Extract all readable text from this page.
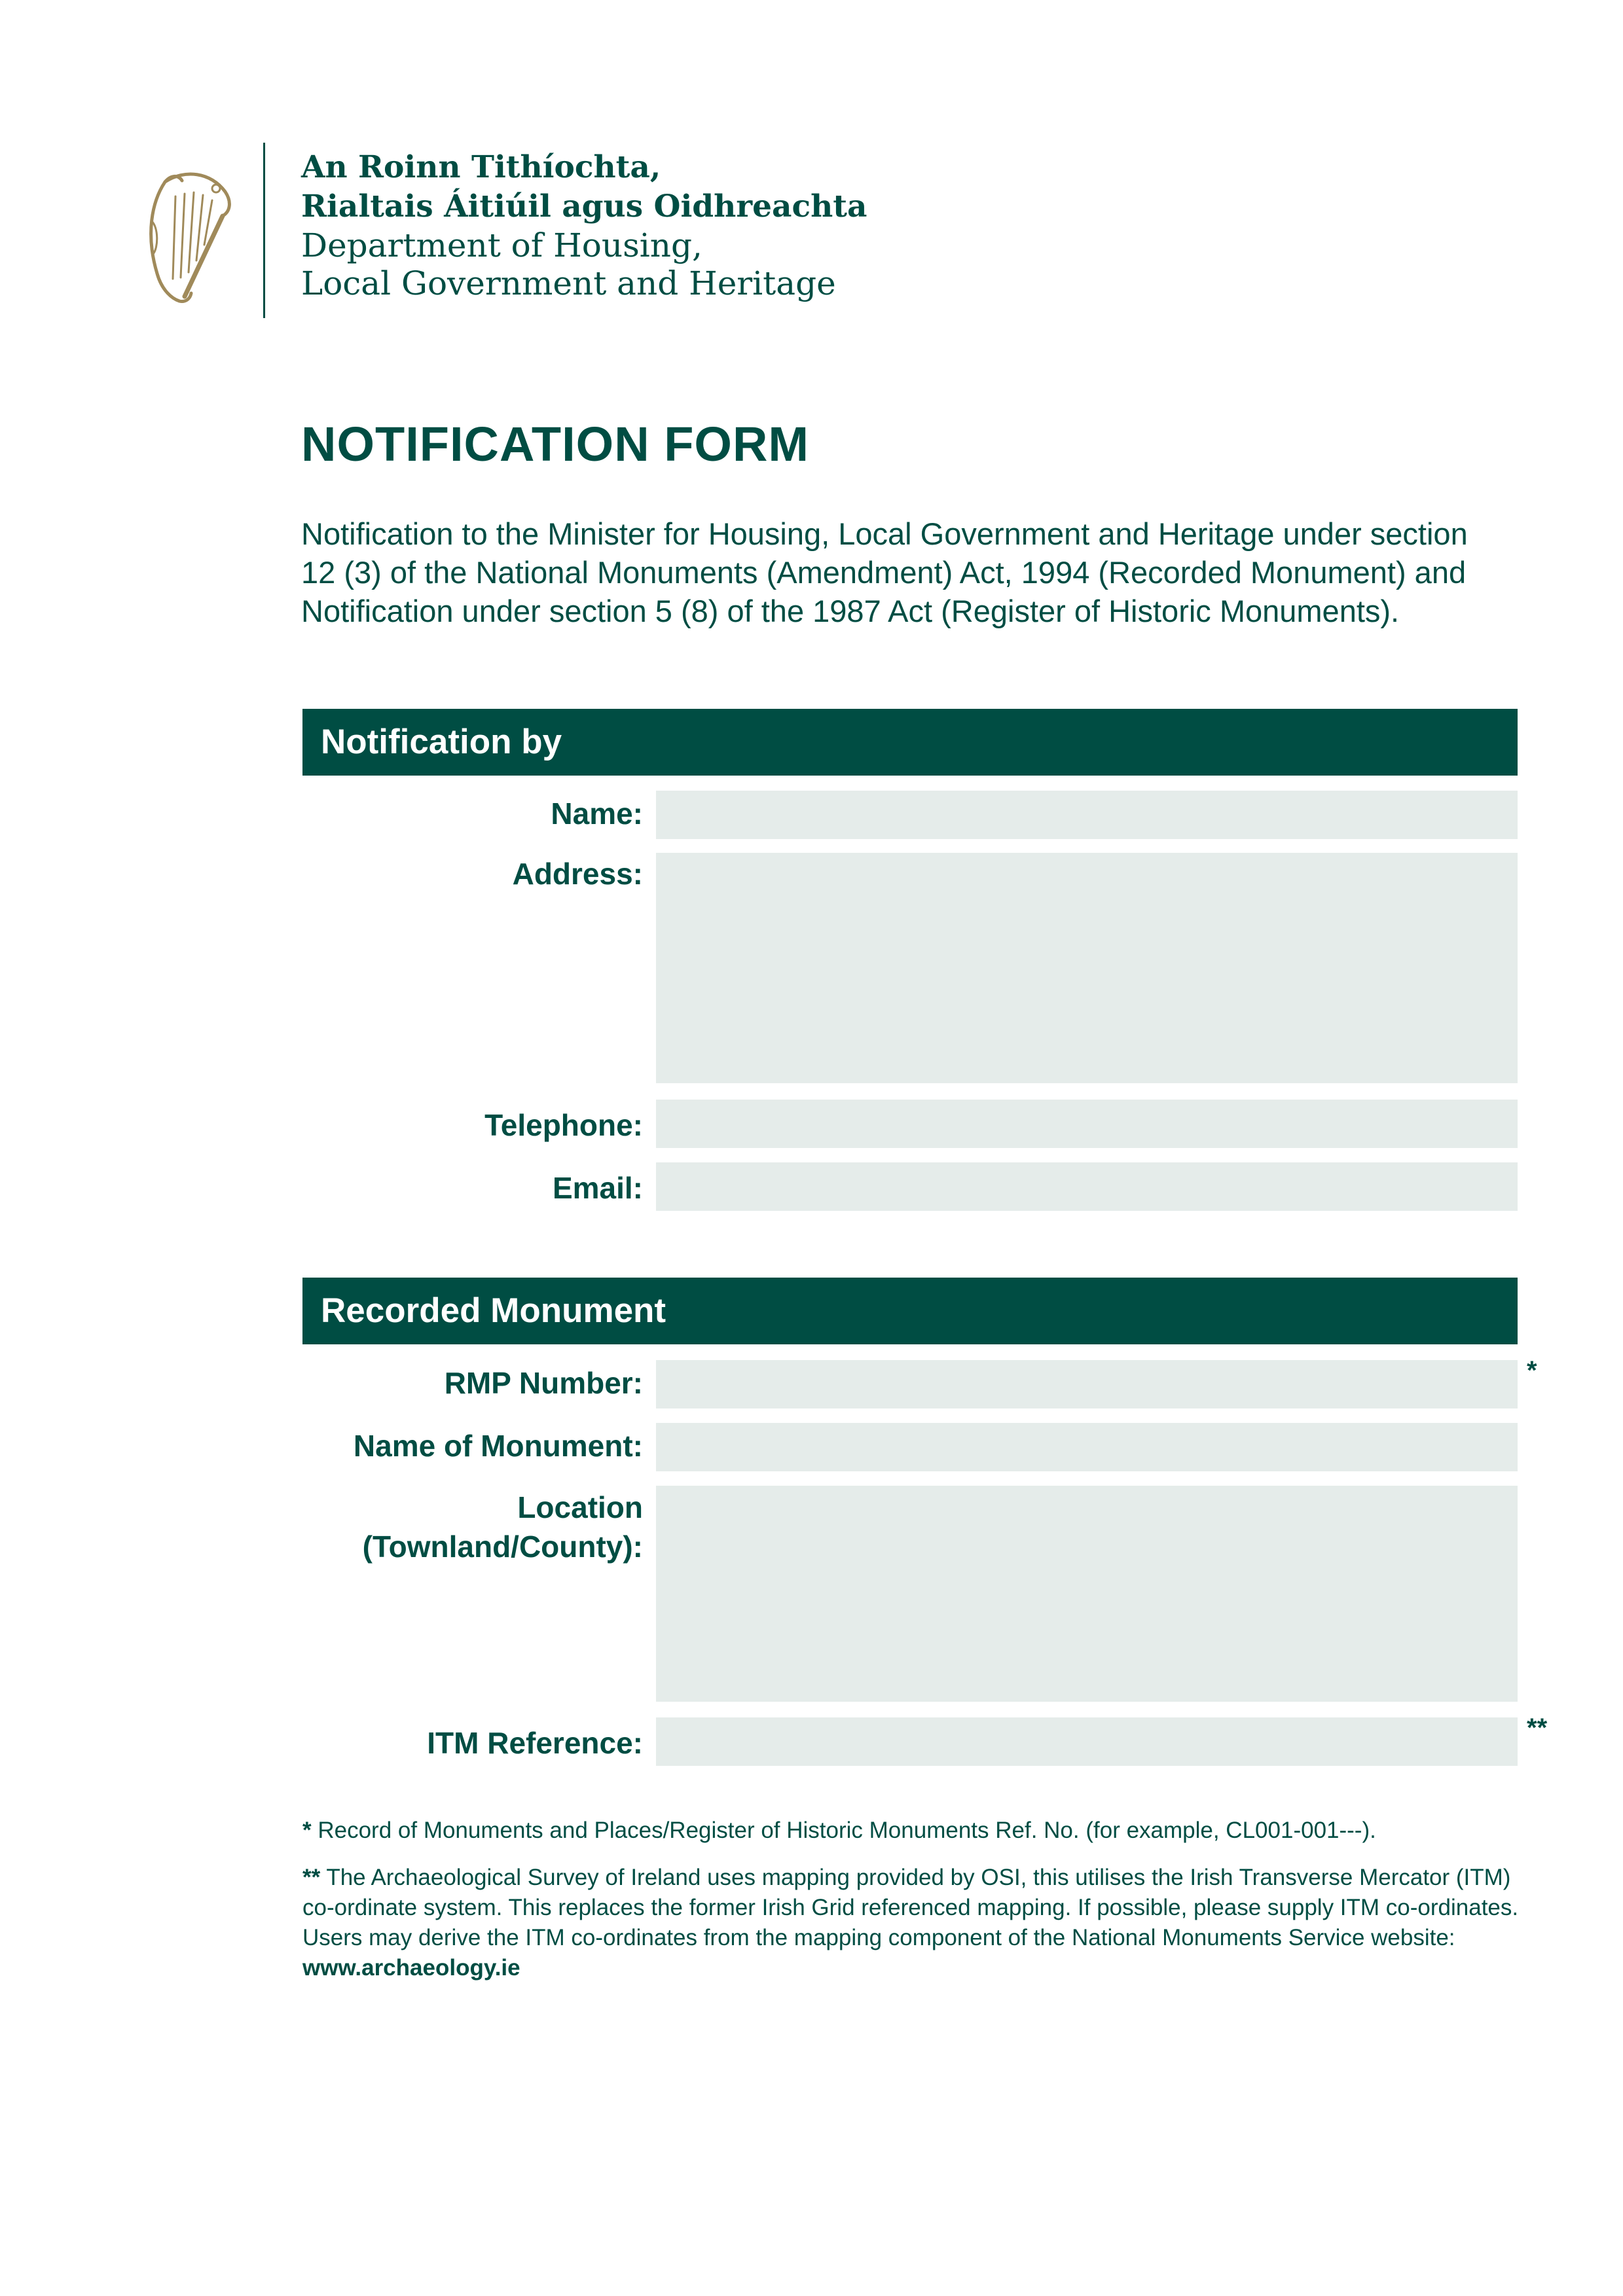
An Roinn Tithíochta,
Rialtais Áitiúil agus Oidhreachta
Department of Housing,
Local Government and Heritage
NOTIFICATION FORM
Notification to the Minister for Housing, Local Government and Heritage under section 12 (3) of the National Monuments (Amendment) Act, 1994 (Recorded Monument) and Notification under section 5 (8) of the 1987 Act (Register of Historic Monuments).
Notification by
Name:
Address:
Telephone:
Email:
Recorded Monument
RMP Number:	*
Name of Monument:
Location
(Townland/County):
ITM Reference:	**
* Record of Monuments and Places/Register of Historic Monuments Ref. No. (for example, CL001-001---).
** The Archaeological Survey of Ireland uses mapping provided by OSI, this utilises the Irish Transverse Mercator (ITM) co-ordinate system. This replaces the former Irish Grid referenced mapping. If possible, please supply ITM co-ordinates. Users may derive the ITM co-ordinates from the mapping component of the National Monuments Service website: www.archaeology.ie
